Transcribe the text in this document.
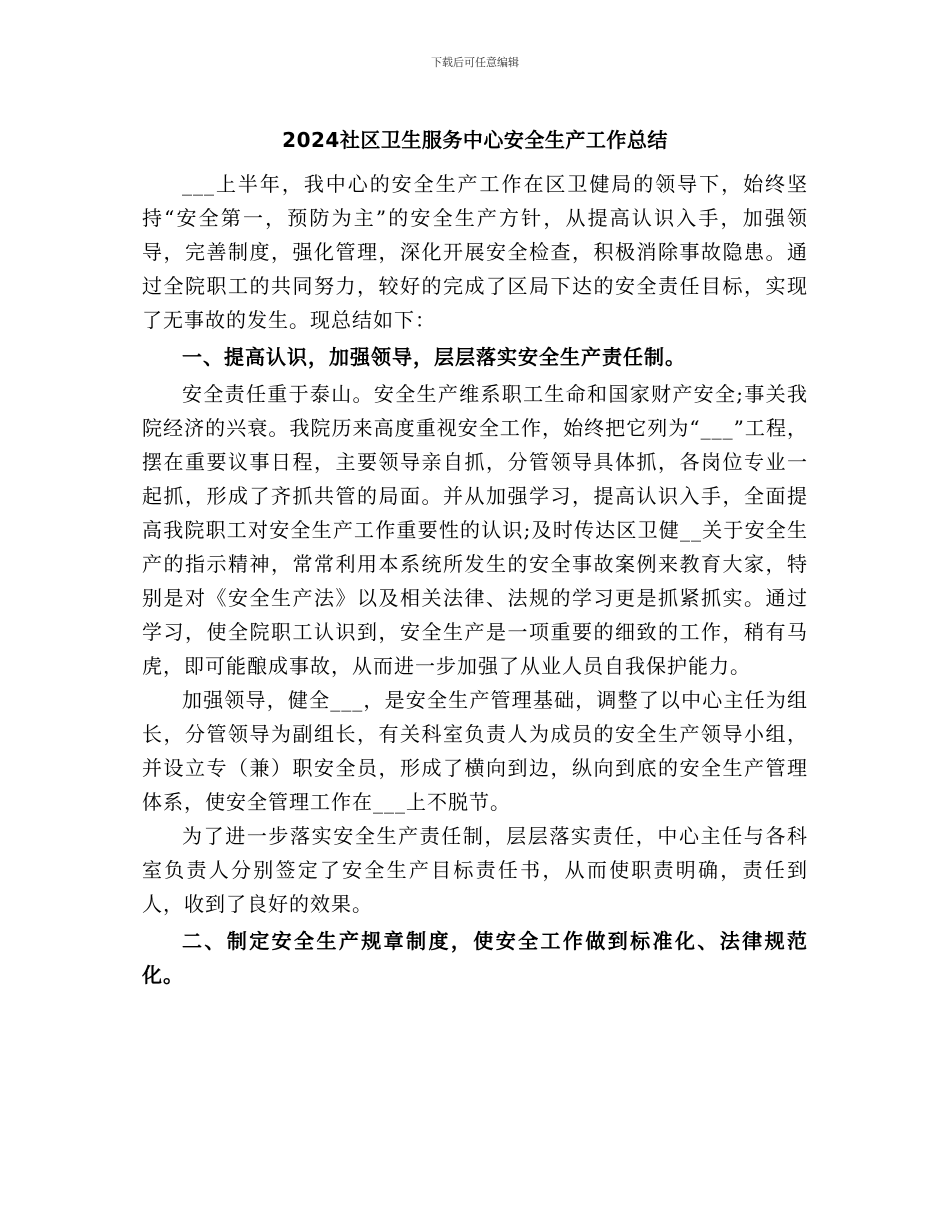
下载后可任意编辑
2024社区卫生服务中心安全生产工作总结

___上半年，我中心的安全生产工作在区卫健局的领导下，始终坚持“安全第一，预防为主”的安全生产方针，从提高认识入手，加强领导，完善制度，强化管理，深化开展安全检查，积极消除事故隐患。通过全院职工的共同努力，较好的完成了区局下达的安全责任目标，实现了无事故的发生。现总结如下：

一、提高认识，加强领导，层层落实安全生产责任制。

安全责任重于泰山。安全生产维系职工生命和国家财产安全;事关我院经济的兴衰。我院历来高度重视安全工作，始终把它列为“___”工程，摆在重要议事日程，主要领导亲自抓，分管领导具体抓，各岗位专业一起抓，形成了齐抓共管的局面。并从加强学习，提高认识入手，全面提高我院职工对安全生产工作重要性的认识;及时传达区卫健__关于安全生产的指示精神，常常利用本系统所发生的安全事故案例来教育大家，特别是对《安全生产法》以及相关法律、法规的学习更是抓紧抓实。通过学习，使全院职工认识到，安全生产是一项重要的细致的工作，稍有马虎，即可能酿成事故，从而进一步加强了从业人员自我保护能力。

加强领导，健全___，是安全生产管理基础，调整了以中心主任为组长，分管领导为副组长，有关科室负责人为成员的安全生产领导小组，并设立专（兼）职安全员，形成了横向到边，纵向到底的安全生产管理体系，使安全管理工作在___上不脱节。

为了进一步落实安全生产责任制，层层落实责任，中心主任与各科室负责人分别签定了安全生产目标责任书，从而使职责明确，责任到人，收到了良好的效果。

二、制定安全生产规章制度，使安全工作做到标准化、法律规范化。
